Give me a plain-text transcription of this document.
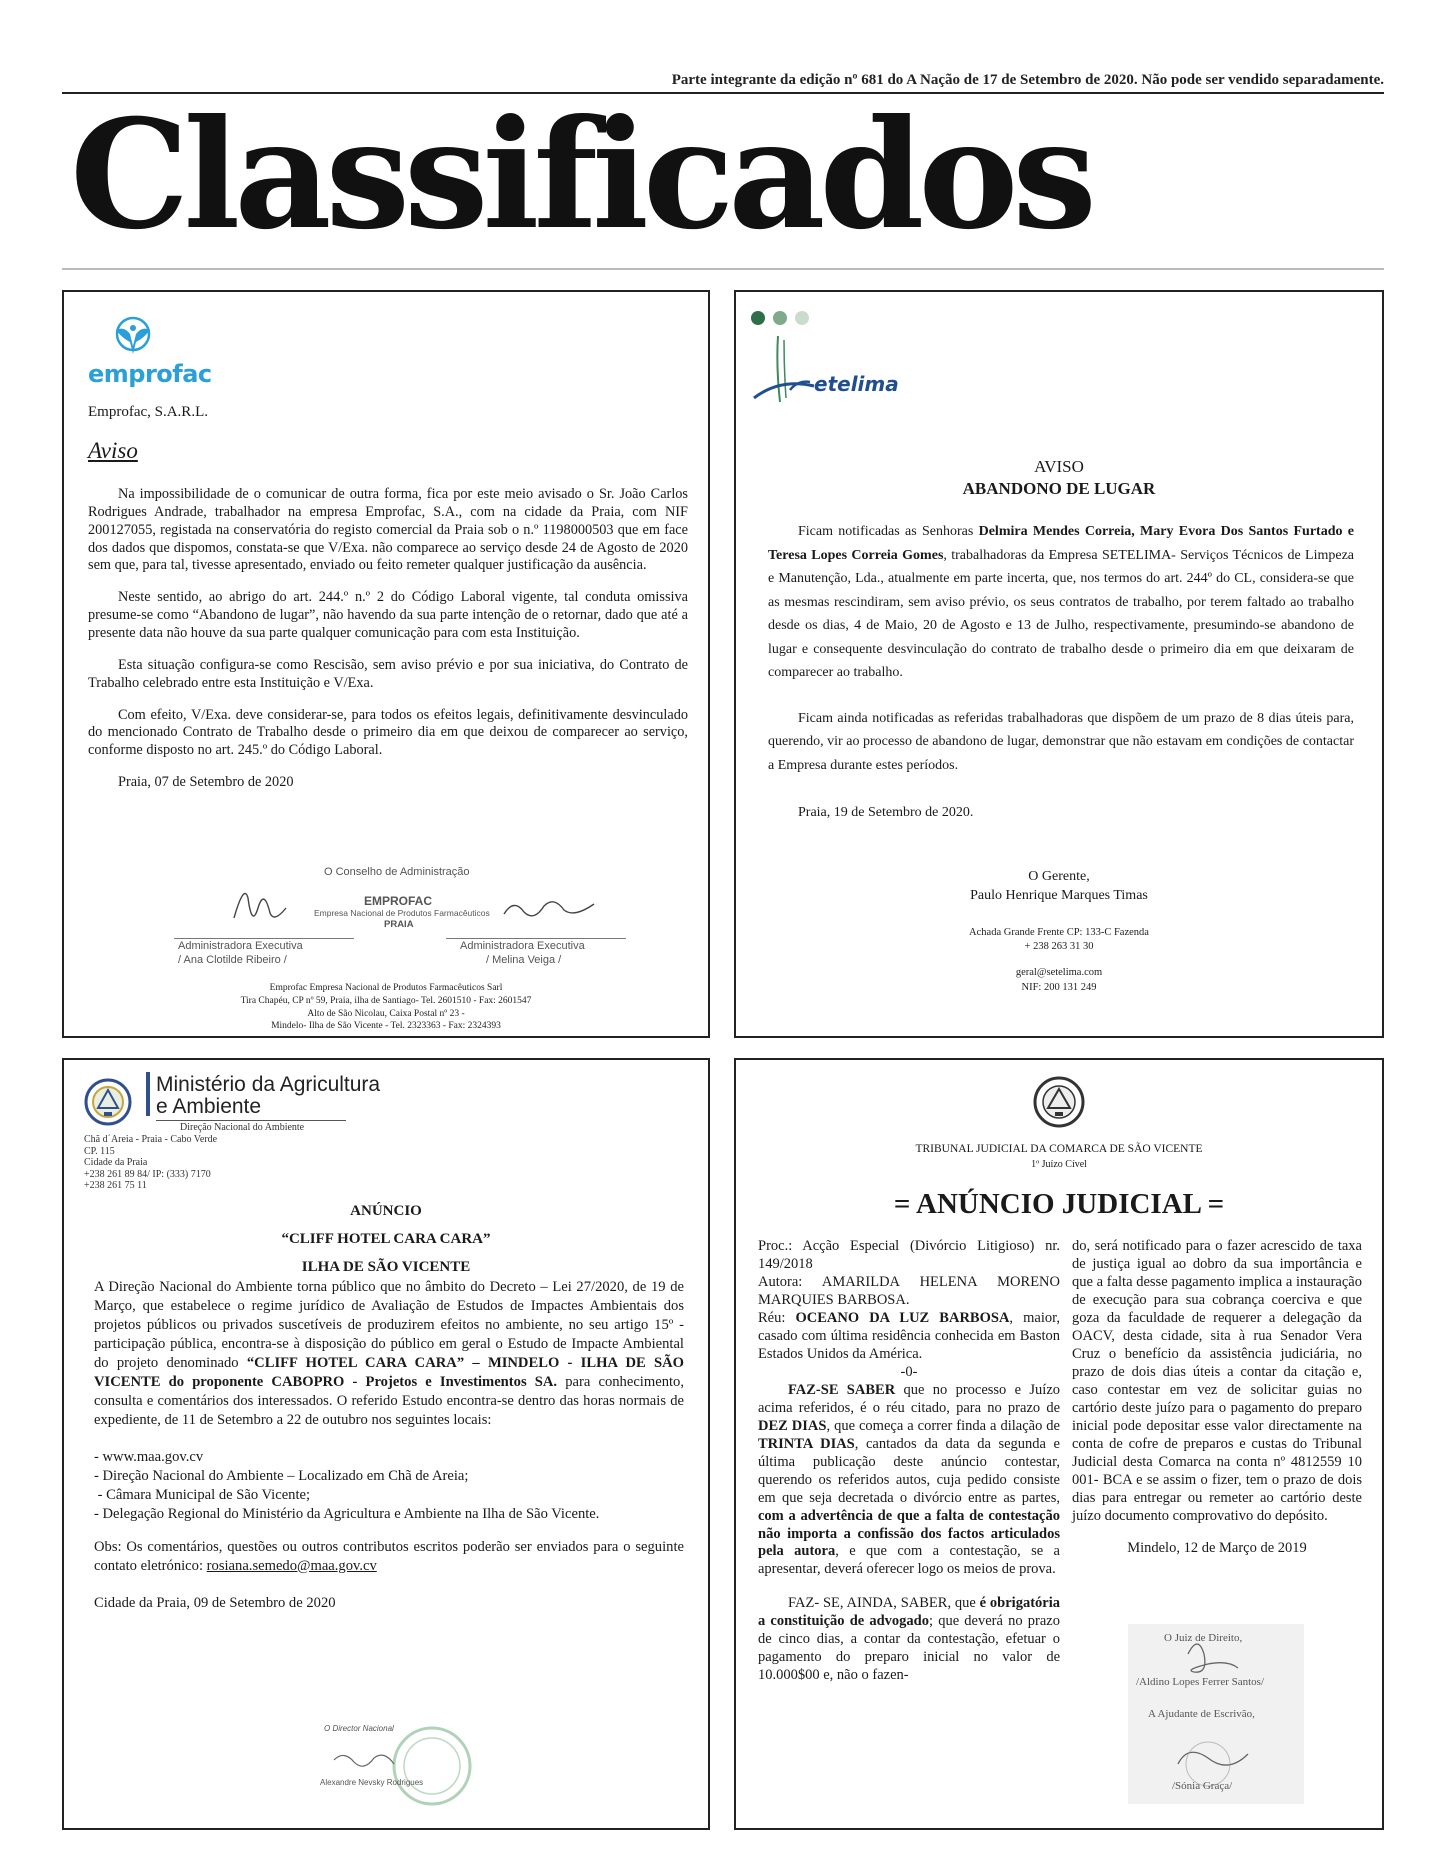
Parte integrante da edição nº 681 do A Nação de 17 de Setembro de 2020. Não pode ser vendido separadamente.
Classificados
emprofac
Emprofac, S.A.R.L.
Aviso

Na impossibilidade de o comunicar de outra forma, fica por este meio avisado o Sr. João Carlos Rodrigues Andrade, trabalhador na empresa Emprofac, S.A., com na cidade da Praia, com NIF 200127055, registada na conservatória do registo comercial da Praia sob o n.º 1198000503 que em face dos dados que dispomos, constata-se que V/Exa. não comparece ao serviço desde 24 de Agosto de 2020 sem que, para tal, tivesse apresentado, enviado ou feito remeter qualquer justificação da ausência.

Neste sentido, ao abrigo do art. 244.º n.º 2 do Código Laboral vigente, tal conduta omissiva presume-se como “Abandono de lugar”, não havendo da sua parte intenção de o retornar, dado que até a presente data não houve da sua parte qualquer comunicação para com esta Instituição.

Esta situação configura-se como Rescisão, sem aviso prévio e por sua iniciativa, do Contrato de Trabalho celebrado entre esta Instituição e V/Exa.

Com efeito, V/Exa. deve considerar-se, para todos os efeitos legais, definitivamente desvinculado do mencionado Contrato de Trabalho desde o primeiro dia em que deixou de comparecer ao serviço, conforme disposto no art. 245.º do Código Laboral.

Praia, 07 de Setembro de 2020

O Conselho de Administração
EMPROFAC
Empresa Nacional de Produtos Farmacêuticos
PRAIA
Administradora Executiva
/ Ana Clotilde Ribeiro /
Administradora Executiva
/ Melina Veiga /
Emprofac Empresa Nacional de Produtos Farmacêuticos Sarl
Tira Chapéu, CP nº 59, Praia, ilha de Santiago- Tel. 2601510 - Fax: 2601547
Alto de São Nicolau, Caixa Postal nº 23 -
Mindelo- Ilha de São Vicente - Tel. 2323363 - Fax: 2324393
etelima
AVISO
ABANDONO DE LUGAR

Ficam notificadas as Senhoras Delmira Mendes Correia, Mary Evora Dos Santos Furtado e Teresa Lopes Correia Gomes, trabalhadoras da Empresa SETELIMA- Serviços Técnicos de Limpeza e Manutenção, Lda., atualmente em parte incerta, que, nos termos do art. 244º do CL, considera-se que as mesmas rescindiram, sem aviso prévio, os seus contratos de trabalho, por terem faltado ao trabalho desde os dias, 4 de Maio, 20 de Agosto e 13 de Julho, respectivamente, presumindo-se abandono de lugar e consequente desvinculação do contrato de trabalho desde o primeiro dia em que deixaram de comparecer ao trabalho.

Ficam ainda notificadas as referidas trabalhadoras que dispõem de um prazo de 8 dias úteis para, querendo, vir ao processo de abandono de lugar, demonstrar que não estavam em condições de contactar a Empresa durante estes períodos.

Praia, 19 de Setembro de 2020.

O Gerente,
Paulo Henrique Marques Timas
Achada Grande Frente CP: 133-C Fazenda
+ 238 263 31 30
geral@setelima.com
NIF: 200 131 249
Ministério da Agricultura
e Ambiente
Direção Nacional do Ambiente
Chã d´Areia - Praia - Cabo Verde
CP. 115
Cidade da Praia
+238 261 89 84/ IP: (333) 7170
+238 261 75 11
ANÚNCIO
“CLIFF HOTEL CARA CARA”
ILHA DE SÃO VICENTE

A Direção Nacional do Ambiente torna público que no âmbito do Decreto – Lei 27/2020, de 19 de Março, que estabelece o regime jurídico de Avaliação de Estudos de Impactes Ambientais dos projetos públicos ou privados suscetíveis de produzirem efeitos no ambiente, no seu artigo 15º - participação pública, encontra-se à disposição do público em geral o Estudo de Impacte Ambiental do projeto denominado “CLIFF HOTEL CARA CARA” – MINDELO - ILHA DE SÃO VICENTE do proponente CABOPRO - Projetos e Investimentos SA. para conhecimento, consulta e comentários dos interessados. O referido Estudo encontra-se dentro das horas normais de expediente, de 11 de Setembro a 22 de outubro nos seguintes locais:

- www.maa.gov.cv
- Direção Nacional do Ambiente – Localizado em Chã de Areia;
- Câmara Municipal de São Vicente;
- Delegação Regional do Ministério da Agricultura e Ambiente na Ilha de São Vicente.

Obs: Os comentários, questões ou outros contributos escritos poderão ser enviados para o seguinte contato eletrónico: rosiana.semedo@maa.gov.cv

Cidade da Praia, 09 de Setembro de 2020

O Director Nacional
Alexandre Nevsky Rodrigues
TRIBUNAL JUDICIAL DA COMARCA DE SÃO VICENTE
1º Juízo Cível
= ANÚNCIO JUDICIAL =
Proc.: Acção Especial (Divórcio Litigioso) nr. 149/2018
Autora: AMARILDA HELENA MORENO MARQUIES BARBOSA.
Réu: OCEANO DA LUZ BARBOSA, maior, casado com última residência conhecida em Baston Estados Unidos da América.
-0-

FAZ-SE SABER que no processo e Juízo acima referidos, é o réu citado, para no prazo de DEZ DIAS, que começa a correr finda a dilação de TRINTA DIAS, cantados da data da segunda e última publicação deste anúncio contestar, querendo os referidos autos, cuja pedido consiste em que seja decretada o divórcio entre as partes, com a advertência de que a falta de contestação não importa a confissão dos factos articulados pela autora, e que com a contestação, se a apresentar, deverá oferecer logo os meios de prova.

FAZ- SE, AINDA, SABER, que é obrigatória a constituição de advogado; que deverá no prazo de cinco dias, a contar da contestação, efetuar o pagamento do preparo inicial no valor de 10.000$00 e, não o fazen-

do, será notificado para o fazer acrescido de taxa de justiça igual ao dobro da sua importância e que a falta desse pagamento implica a instauração de execução para sua cobrança coerciva e que goza da faculdade de requerer a delegação da OACV, desta cidade, sita à rua Senador Vera Cruz o benefício da assistência judiciária, no prazo de dois dias úteis a contar da citação e, caso contestar em vez de solicitar guias no cartório deste juízo para o pagamento do preparo inicial pode depositar esse valor directamente na conta de cofre de preparos e custas do Tribunal Judicial desta Comarca na conta nº 4812559 10 001- BCA e se assim o fizer, tem o prazo de dois dias para entregar ou remeter ao cartório deste juízo documento comprovativo do depósito.

Mindelo, 12 de Março de 2019

O Juiz de Direito,
/Aldino Lopes Ferrer Santos/
A Ajudante de Escrivão,
/Sónia Graça/
